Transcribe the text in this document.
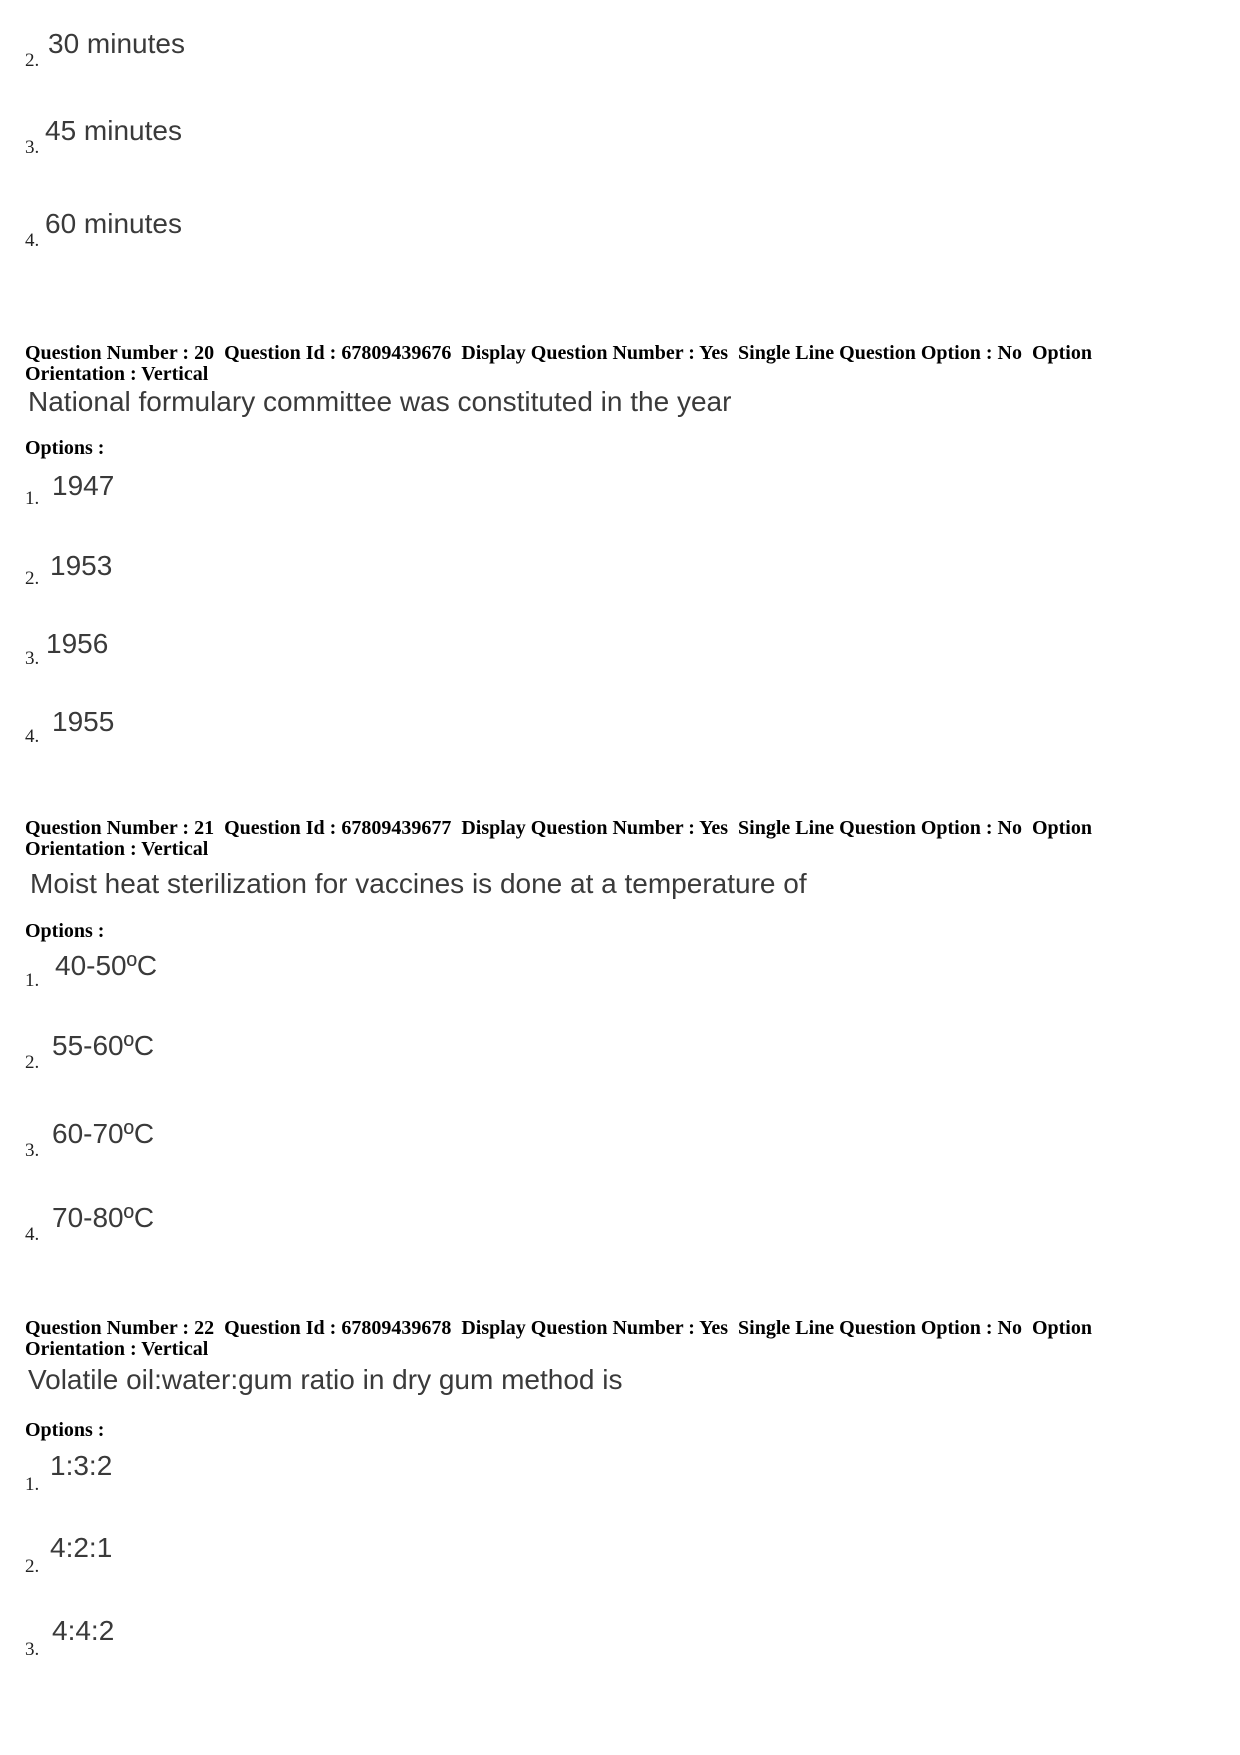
2.
30 minutes
3.
45 minutes
4.
60 minutes
Question Number : 20  Question Id : 67809439676  Display Question Number : Yes  Single Line Question Option : No  Option
Orientation : Vertical
National formulary committee was constituted in the year
Options :
1. 1947
2. 1953
3. 1956
4. 1955
Question Number : 21  Question Id : 67809439677  Display Question Number : Yes  Single Line Question Option : No  Option
Orientation : Vertical
Moist heat sterilization for vaccines is done at a temperature of
Options :
1. 40-50ºC
2.
55-60ºC
3.
60-70ºC
4.
70-80ºC
Question Number : 22  Question Id : 67809439678  Display Question Number : Yes  Single Line Question Option : No  Option
Orientation : Vertical
Volatile oil:water:gum ratio in dry gum method is
Options :
1.
1:3:2
2.
4:2:1
3.
4:4:2
